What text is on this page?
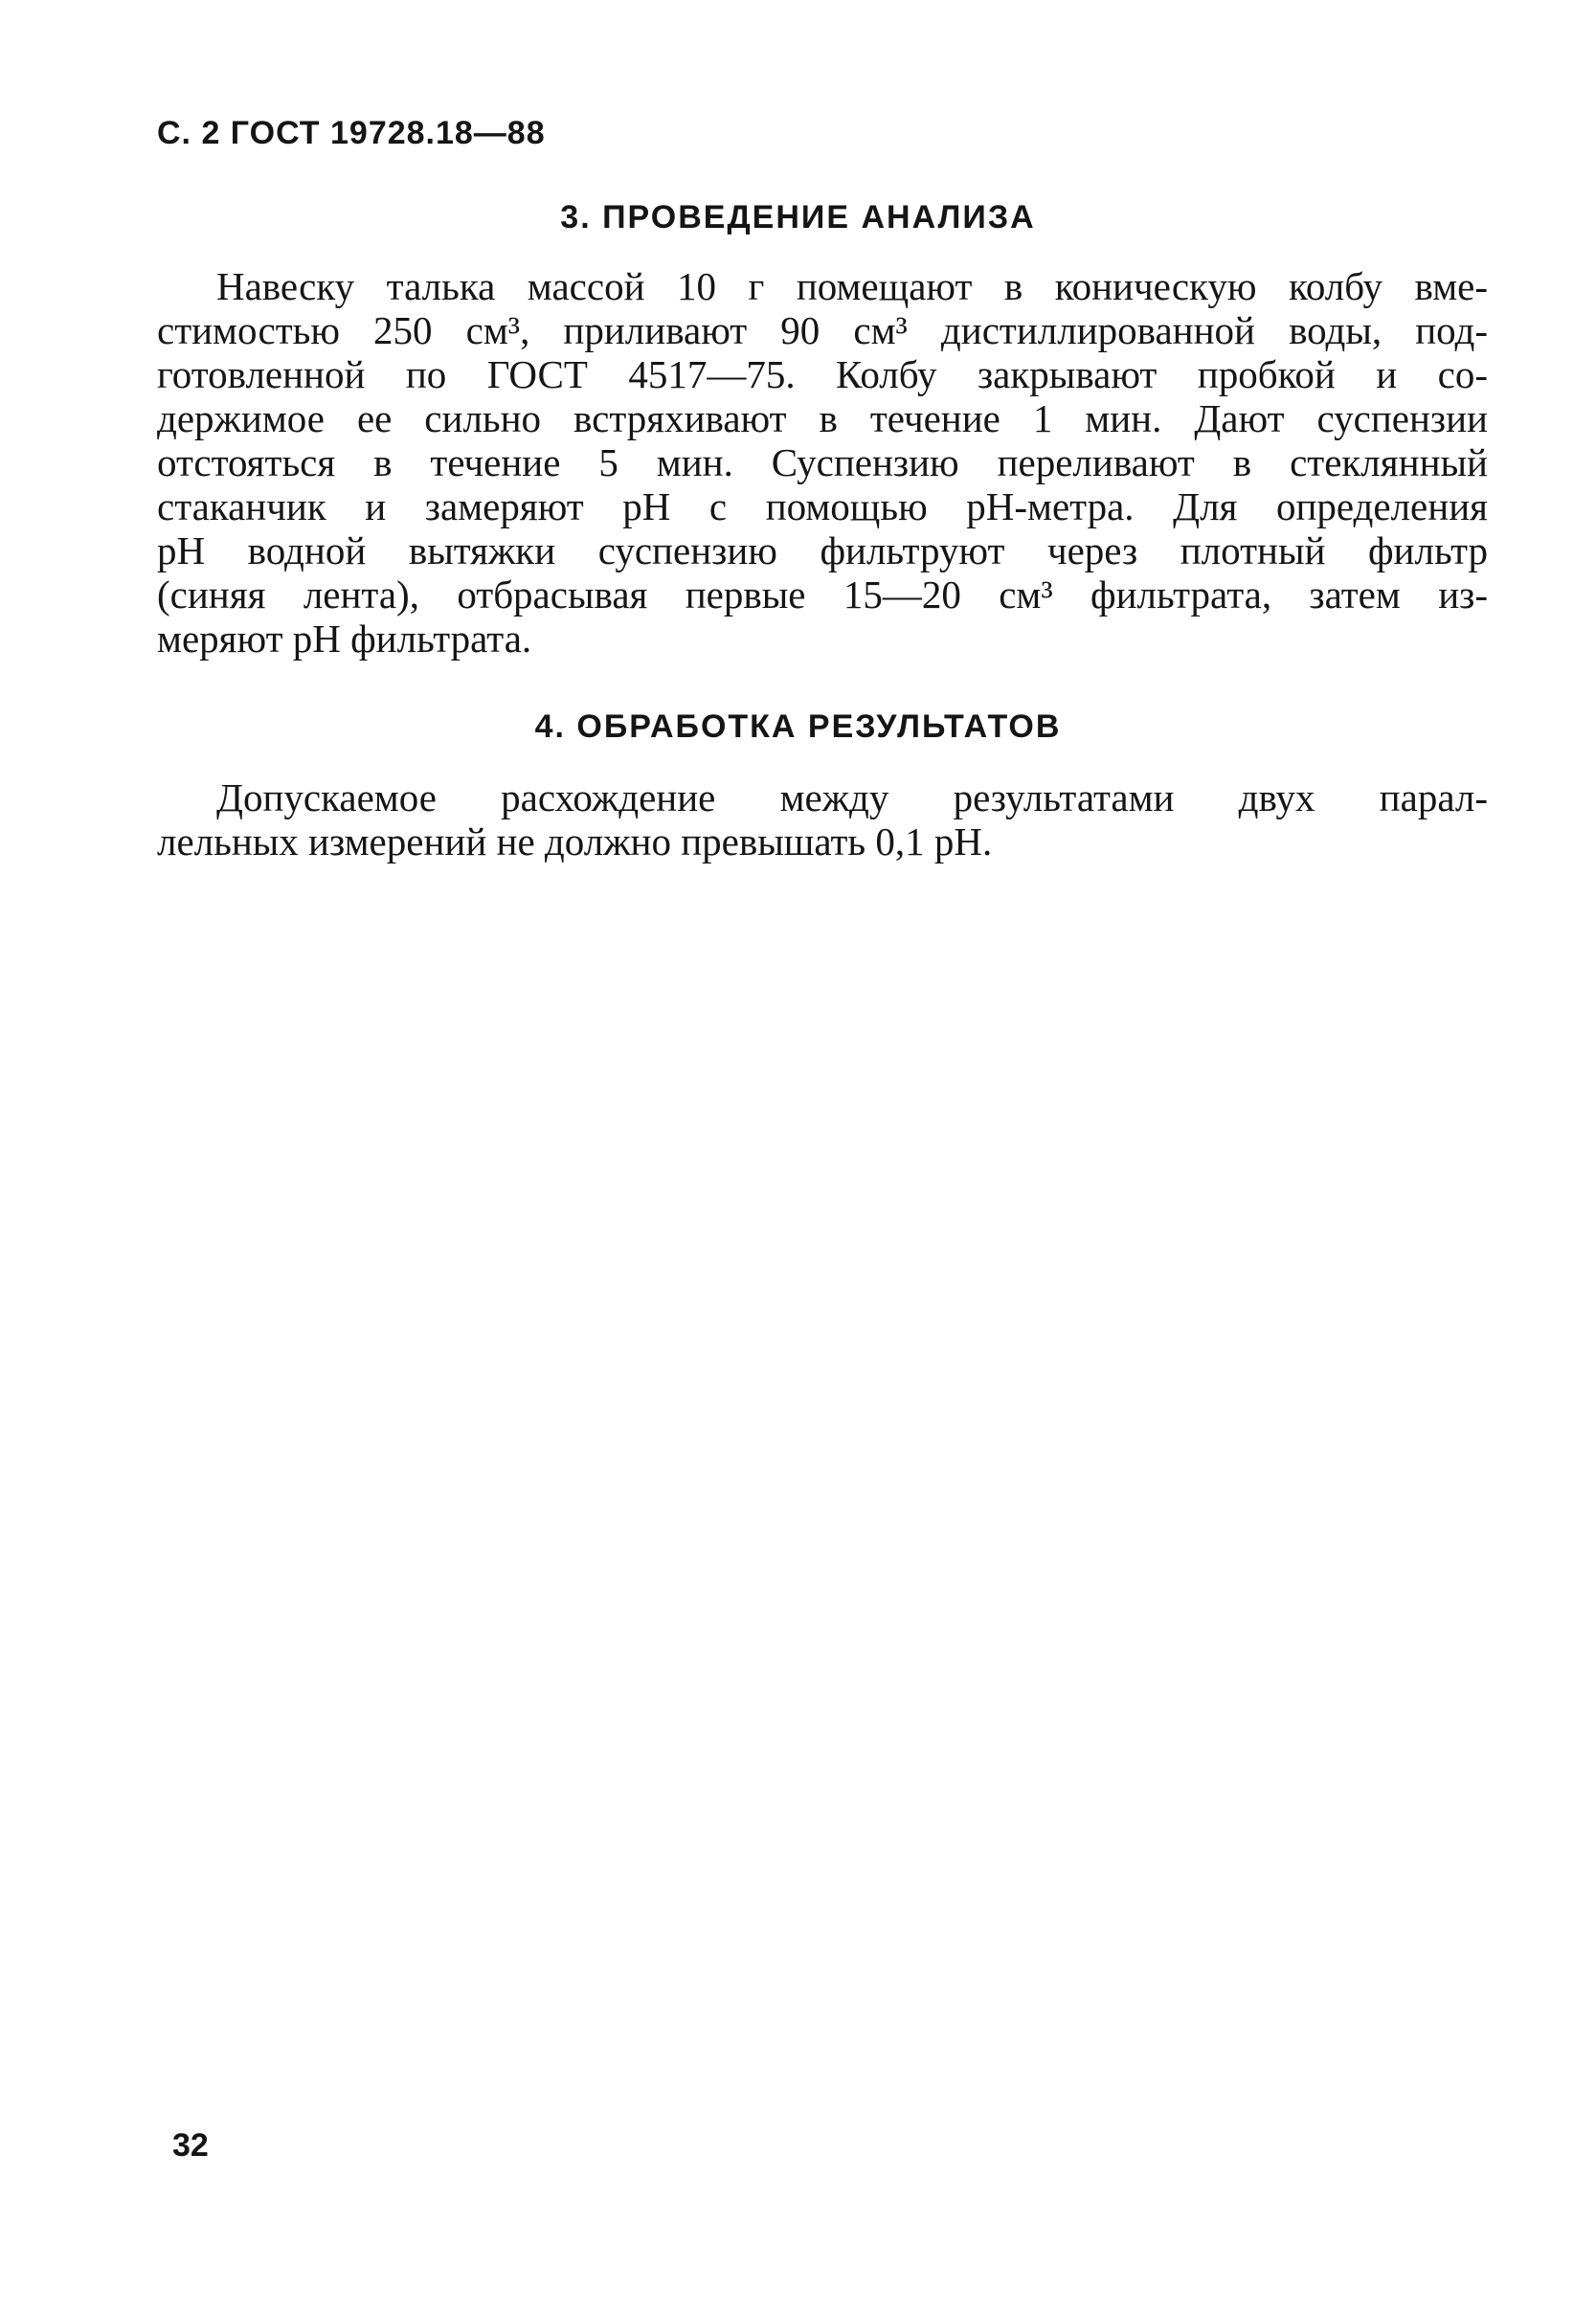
С. 2 ГОСТ 19728.18—88
3. ПРОВЕДЕНИЕ АНАЛИЗА
Навеску талька массой 10 г помещают в коническую колбу вме-
стимостью 250 см³, приливают 90 см³ дистиллированной воды, под-
готовленной по ГОСТ 4517—75. Колбу закрывают пробкой и со-
держимое ее сильно встряхивают в течение 1 мин. Дают суспензии
отстояться в течение 5 мин. Суспензию переливают в стеклянный
стаканчик и замеряют pH с помощью pH-метра. Для определения
pH водной вытяжки суспензию фильтруют через плотный фильтр
(синяя лента), отбрасывая первые 15—20 см³ фильтрата, затем из-
меряют pH фильтрата.
4. ОБРАБОТКА РЕЗУЛЬТАТОВ
Допускаемое расхождение между результатами двух парал-
лельных измерений не должно превышать 0,1 pH.
32
